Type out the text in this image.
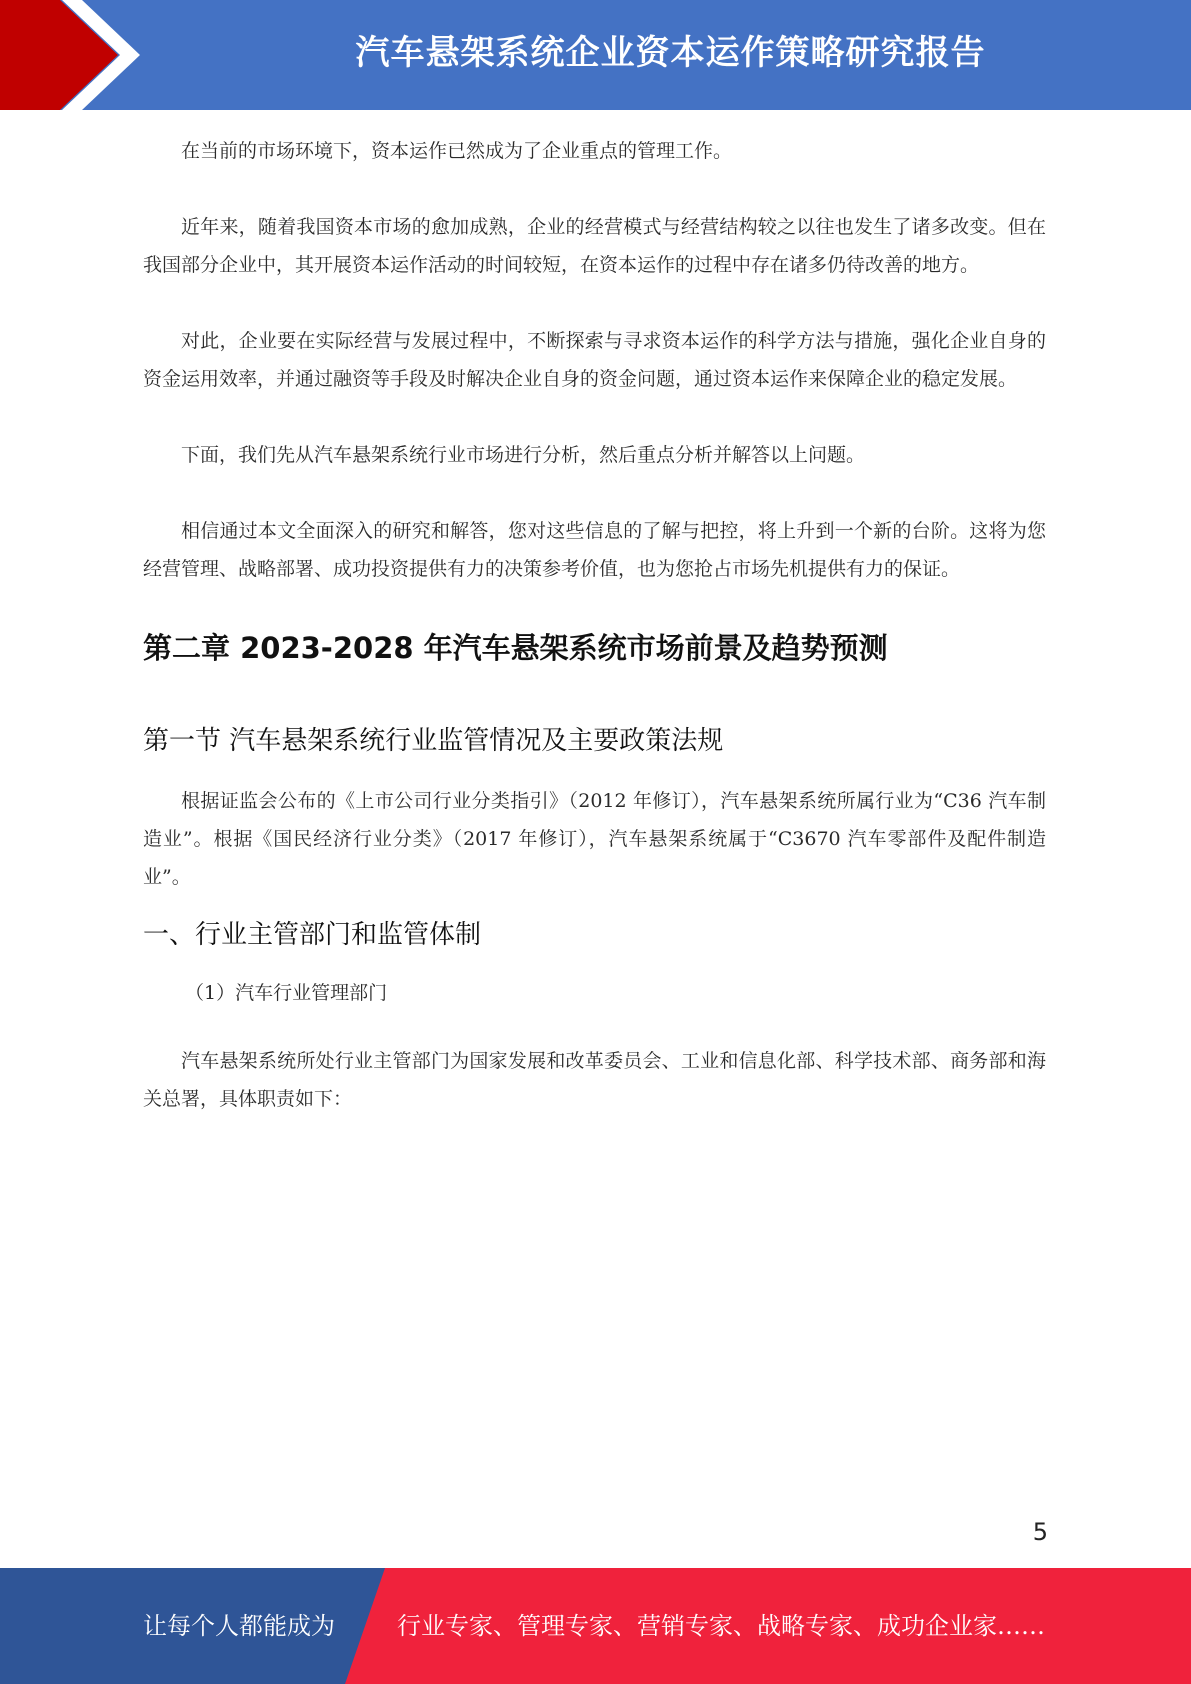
汽车悬架系统企业资本运作策略研究报告

在当前的市场环境下，资本运作已然成为了企业重点的管理工作。

近年来，随着我国资本市场的愈加成熟，企业的经营模式与经营结构较之以往也发生了诸多改变。但在我国部分企业中，其开展资本运作活动的时间较短，在资本运作的过程中存在诸多仍待改善的地方。

对此，企业要在实际经营与发展过程中，不断探索与寻求资本运作的科学方法与措施，强化企业自身的资金运用效率，并通过融资等手段及时解决企业自身的资金问题，通过资本运作来保障企业的稳定发展。

下面，我们先从汽车悬架系统行业市场进行分析，然后重点分析并解答以上问题。

相信通过本文全面深入的研究和解答，您对这些信息的了解与把控，将上升到一个新的台阶。这将为您经营管理、战略部署、成功投资提供有力的决策参考价值，也为您抢占市场先机提供有力的保证。

第二章 2023-2028 年汽车悬架系统市场前景及趋势预测
第一节 汽车悬架系统行业监管情况及主要政策法规

根据证监会公布的《上市公司行业分类指引》（2012 年修订），汽车悬架系统所属行业为“C36 汽车制造业”。根据《国民经济行业分类》（2017 年修订），汽车悬架系统属于“C3670 汽车零部件及配件制造业”。

一、行业主管部门和监管体制

（1）汽车行业管理部门

汽车悬架系统所处行业主管部门为国家发展和改革委员会、工业和信息化部、科学技术部、商务部和海关总署，具体职责如下：

5
让每个人都能成为	行业专家、管理专家、营销专家、战略专家、成功企业家……
